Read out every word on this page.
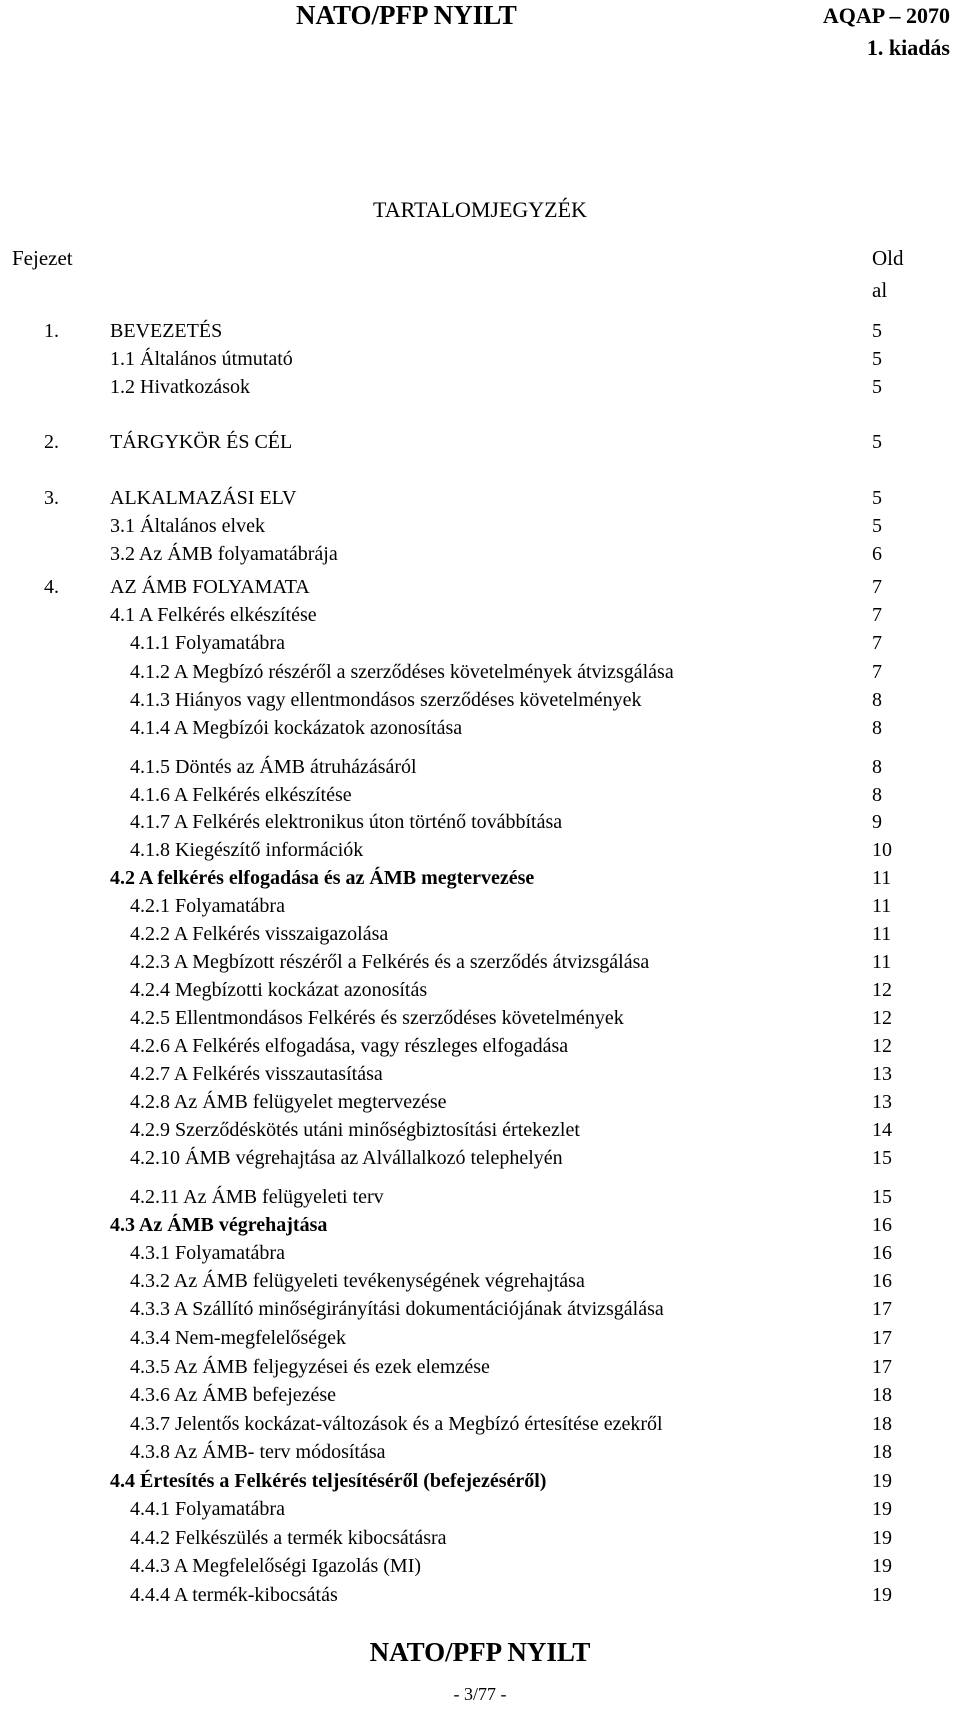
NATO/PFP NYILT	AQAP – 2070
1. kiadás
TARTALOMJEGYZÉK
Fejezet	Old
al
1.	BEVEZETÉS	5
1.1 Általános útmutató	5
1.2 Hivatkozások	5
2.	TÁRGYKÖR ÉS CÉL	5
3.	ALKALMAZÁSI ELV	5
3.1 Általános elvek	5
3.2 Az ÁMB folyamatábrája	6
4.	AZ ÁMB FOLYAMATA	7
4.1 A Felkérés elkészítése	7
4.1.1 Folyamatábra	7
4.1.2 A Megbízó részéről a szerződéses követelmények átvizsgálása	7
4.1.3 Hiányos vagy ellentmondásos szerződéses követelmények	8
4.1.4 A Megbízói kockázatok azonosítása	8
4.1.5 Döntés az ÁMB átruházásáról	8
4.1.6 A Felkérés elkészítése	8
4.1.7 A Felkérés elektronikus úton történő továbbítása	9
4.1.8 Kiegészítő információk	10
4.2 A felkérés elfogadása és az ÁMB megtervezése	11
4.2.1 Folyamatábra	11
4.2.2 A Felkérés visszaigazolása	11
4.2.3 A Megbízott részéről a Felkérés és a szerződés átvizsgálása	11
4.2.4 Megbízotti kockázat azonosítás	12
4.2.5 Ellentmondásos Felkérés és szerződéses követelmények	12
4.2.6 A Felkérés elfogadása, vagy részleges elfogadása	12
4.2.7 A Felkérés visszautasítása	13
4.2.8 Az ÁMB felügyelet megtervezése	13
4.2.9 Szerződéskötés utáni minőségbiztosítási értekezlet	14
4.2.10 ÁMB végrehajtása az Alvállalkozó telephelyén	15
4.2.11 Az ÁMB felügyeleti terv	15
4.3 Az ÁMB végrehajtása	16
4.3.1 Folyamatábra	16
4.3.2 Az ÁMB felügyeleti tevékenységének végrehajtása	16
4.3.3 A Szállító minőségirányítási dokumentációjának átvizsgálása	17
4.3.4 Nem-megfelelőségek	17
4.3.5 Az ÁMB feljegyzései és ezek elemzése	17
4.3.6 Az ÁMB befejezése	18
4.3.7 Jelentős kockázat-változások és a Megbízó értesítése ezekről	18
4.3.8 Az ÁMB- terv módosítása	18
4.4 Értesítés a Felkérés teljesítéséről (befejezéséről)	19
4.4.1 Folyamatábra	19
4.4.2 Felkészülés a termék kibocsátásra	19
4.4.3 A Megfelelőségi Igazolás (MI)	19
4.4.4 A termék-kibocsátás	19
NATO/PFP NYILT
- 3/77 -
